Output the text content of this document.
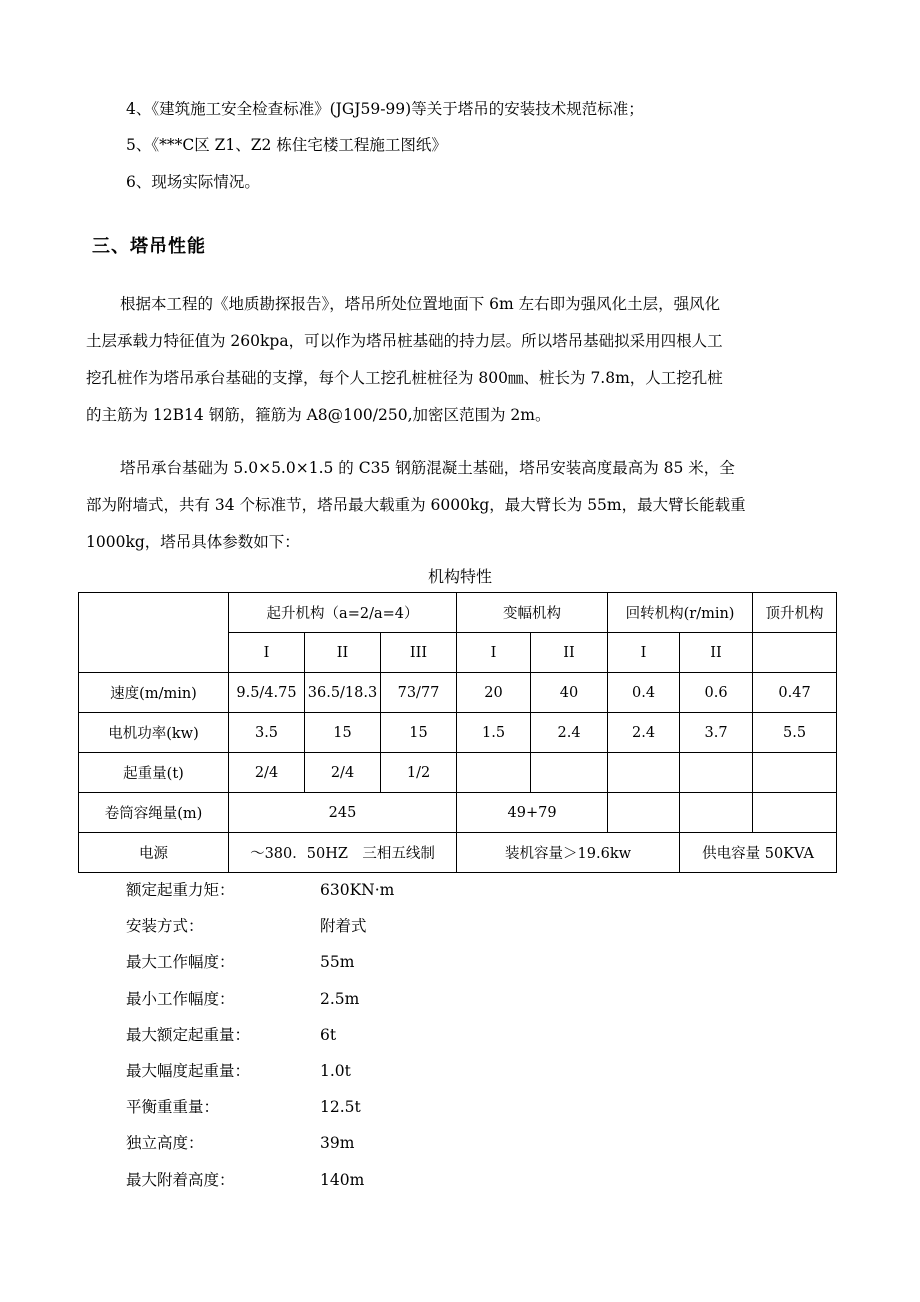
4、《建筑施工安全检查标准》(JGJ59-99)等关于塔吊的安装技术规范标准；
5、《***C区 Z1、Z2 栋住宅楼工程施工图纸》
6、现场实际情况。
三、塔吊性能
根据本工程的《地质勘探报告》，塔吊所处位置地面下 6m 左右即为强风化土层，强风化
土层承载力特征值为 260kpa，可以作为塔吊桩基础的持力层。所以塔吊基础拟采用四根人工
挖孔桩作为塔吊承台基础的支撑，每个人工挖孔桩桩径为 800㎜、桩长为 7.8m，人工挖孔桩
的主筋为 12B14 钢筋，箍筋为 A8@100/250,加密区范围为 2m。
塔吊承台基础为 5.0×5.0×1.5 的 C35 钢筋混凝土基础，塔吊安装高度最高为 85 米，全
部为附墙式，共有 34 个标准节，塔吊最大载重为 6000kg，最大臂长为 55m，最大臂长能载重
1000kg，塔吊具体参数如下：
机构特性
	起升机构（a=2/a=4）			变幅机构		回转机构(r/min)		顶升机构
	I	II	III	I	II	I	II	
速度(m/min)	9.5/4.75	36.5/18.3	73/77	20	40	0.4	0.6	0.47
电机功率(kw)	3.5	15	15	1.5	2.4	2.4	3.7	5.5
起重量(t)	2/4	2/4	1/2					
卷筒容绳量(m)	245			49+79				
电源	～380．50HZ　三相五线制			装机容量＞19.6kw			供电容量 50KVA	
额定起重力矩：	630KN·m
安装方式：	附着式
最大工作幅度：	55m
最小工作幅度：	2.5m
最大额定起重量：	6t
最大幅度起重量：	1.0t
平衡重重量：	12.5t
独立高度：	39m
最大附着高度：	140m
